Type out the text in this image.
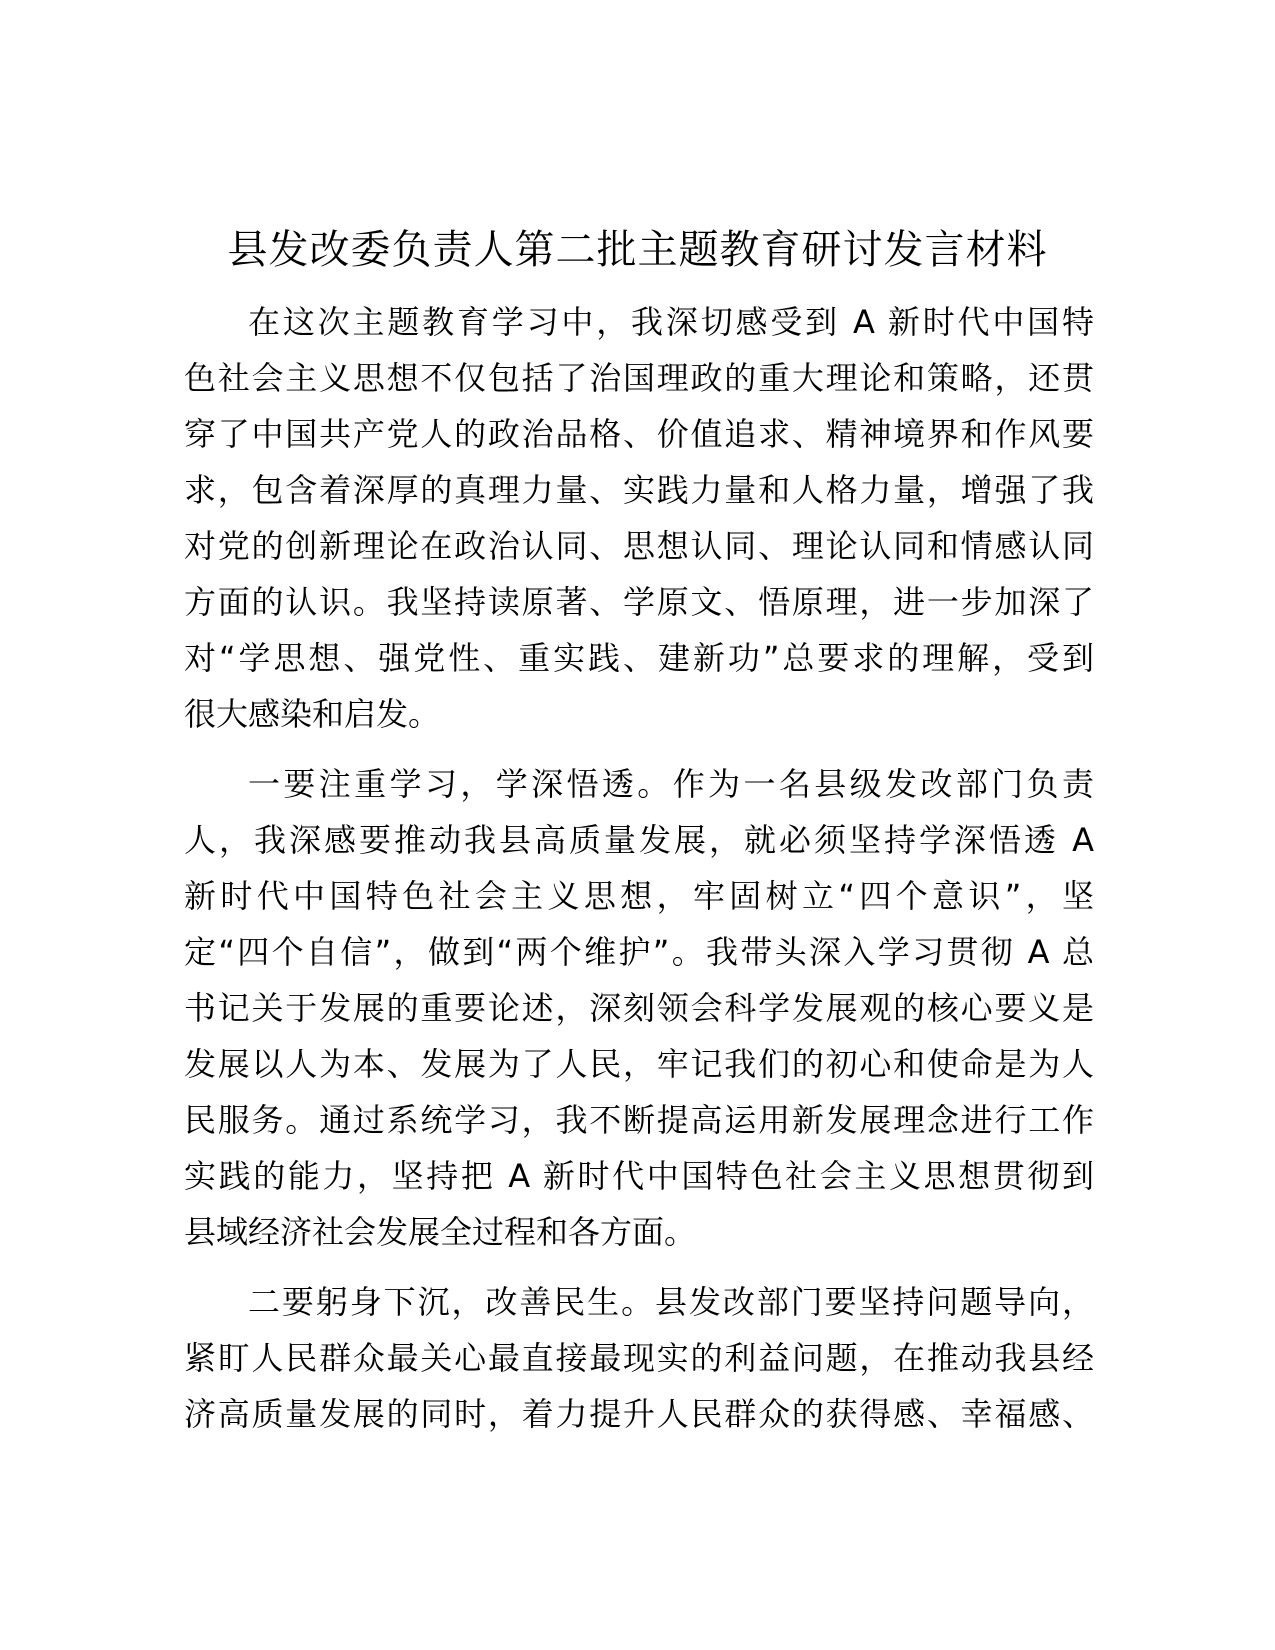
县发改委负责人第二批主题教育研讨发言材料
在这次主题教育学习中，我深切感受到 A 新时代中国特
色社会主义思想不仅包括了治国理政的重大理论和策略，还贯
穿了中国共产党人的政治品格、价值追求、精神境界和作风要
求，包含着深厚的真理力量、实践力量和人格力量，增强了我
对党的创新理论在政治认同、思想认同、理论认同和情感认同
方面的认识。我坚持读原著、学原文、悟原理，进一步加深了
对“学思想、强党性、重实践、建新功”总要求的理解，受到
很大感染和启发。
一要注重学习，学深悟透。作为一名县级发改部门负责
人，我深感要推动我县高质量发展，就必须坚持学深悟透 A
新时代中国特色社会主义思想，牢固树立“四个意识”，坚
定“四个自信”，做到“两个维护”。我带头深入学习贯彻 A 总
书记关于发展的重要论述，深刻领会科学发展观的核心要义是
发展以人为本、发展为了人民，牢记我们的初心和使命是为人
民服务。通过系统学习，我不断提高运用新发展理念进行工作
实践的能力，坚持把 A 新时代中国特色社会主义思想贯彻到
县域经济社会发展全过程和各方面。
二要躬身下沉，改善民生。县发改部门要坚持问题导向，
紧盯人民群众最关心最直接最现实的利益问题，在推动我县经
济高质量发展的同时，着力提升人民群众的获得感、幸福感、
